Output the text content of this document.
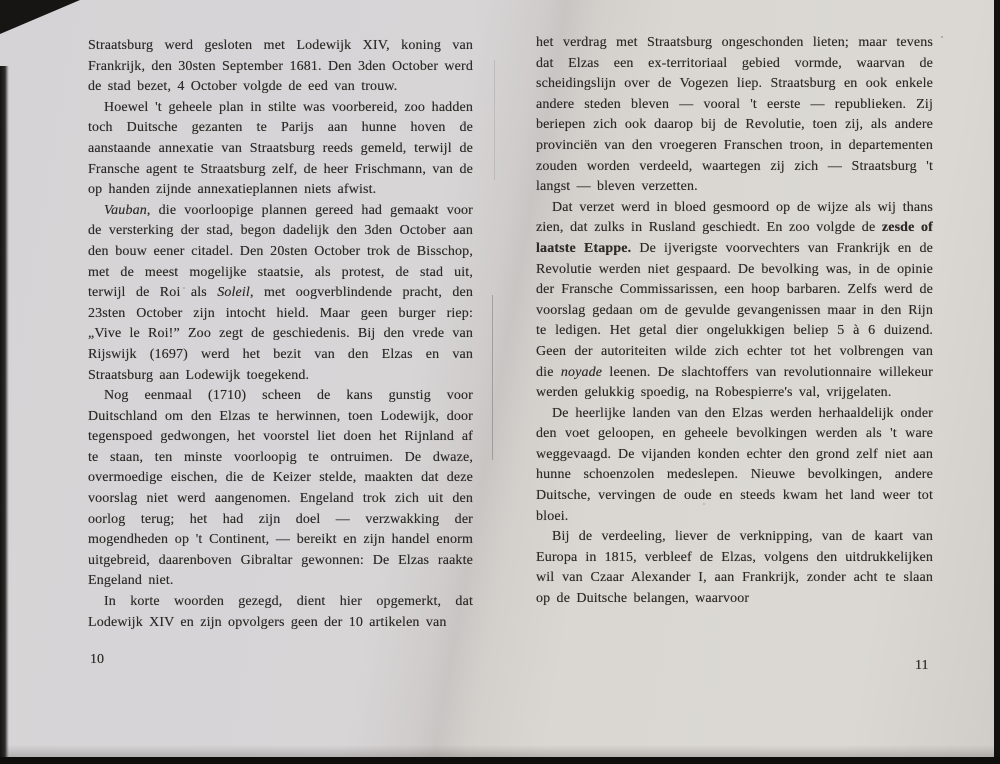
Straatsburg werd gesloten met Lodewijk XIV, koning van Frankrijk, den 30sten September 1681. Den 3den October werd de stad bezet, 4 October volgde de eed van trouw.

Hoewel 't geheele plan in stilte was voorbereid, zoo hadden toch Duitsche gezanten te Parijs aan hunne hoven de aanstaande annexatie van Straatsburg reeds gemeld, terwijl de Fransche agent te Straatsburg zelf, de heer Frischmann, van de op handen zijnde annexatieplannen niets afwist.

Vauban, die voorloopige plannen gereed had gemaakt voor de versterking der stad, begon dadelijk den 3den October aan den bouw eener citadel. Den 20sten October trok de Bisschop, met de meest mogelijke staatsie, als protest, de stad uit, terwijl de Roi als Soleil, met oogverblindende pracht, den 23sten October zijn intocht hield. Maar geen burger riep: „Vive le Roi!” Zoo zegt de geschiedenis. Bij den vrede van Rijswijk (1697) werd het bezit van den Elzas en van Straatsburg aan Lodewijk toegekend.

Nog eenmaal (1710) scheen de kans gunstig voor Duitschland om den Elzas te herwinnen, toen Lodewijk, door tegenspoed gedwongen, het voorstel liet doen het Rijnland af te staan, ten minste voorloopig te ontruimen. De dwaze, overmoedige eischen, die de Keizer stelde, maakten dat deze voorslag niet werd aangenomen. Engeland trok zich uit den oorlog terug; het had zijn doel — verzwakking der mogendheden op 't Continent, — bereikt en zijn handel enorm uitgebreid, daarenboven Gibraltar gewonnen: De Elzas raakte Engeland niet.

In korte woorden gezegd, dient hier opgemerkt, dat Lodewijk XIV en zijn opvolgers geen der 10 artikelen van

10

het verdrag met Straatsburg ongeschonden lieten; maar tevens dat Elzas een ex-territoriaal gebied vormde, waarvan de scheidingslijn over de Vogezen liep. Straatsburg en ook enkele andere steden bleven — vooral 't eerste — republieken. Zij beriepen zich ook daarop bij de Revolutie, toen zij, als andere provinciën van den vroegeren Franschen troon, in departementen zouden worden verdeeld, waartegen zij zich — Straatsburg 't langst — bleven verzetten.

Dat verzet werd in bloed gesmoord op de wijze als wij thans zien, dat zulks in Rusland geschiedt. En zoo volgde de zesde of laatste Etappe. De ijverigste voorvechters van Frankrijk en de Revolutie werden niet gespaard. De bevolking was, in de opinie der Fransche Commissarissen, een hoop barbaren. Zelfs werd de voorslag gedaan om de gevulde gevangenissen maar in den Rijn te ledigen. Het getal dier ongelukkigen beliep 5 à 6 duizend. Geen der autoriteiten wilde zich echter tot het volbrengen van die noyade leenen. De slachtoffers van revolutionnaire willekeur werden gelukkig spoedig, na Robespierre's val, vrijgelaten.

De heerlijke landen van den Elzas werden herhaaldelijk onder den voet geloopen, en geheele bevolkingen werden als 't ware weggevaagd. De vijanden konden echter den grond zelf niet aan hunne schoenzolen medeslepen. Nieuwe bevolkingen, andere Duitsche, vervingen de oude en steeds kwam het land weer tot bloei.

Bij de verdeeling, liever de verknipping, van de kaart van Europa in 1815, verbleef de Elzas, volgens den uitdrukkelijken wil van Czaar Alexander I, aan Frankrijk, zonder acht te slaan op de Duitsche belangen, waarvoor

11
